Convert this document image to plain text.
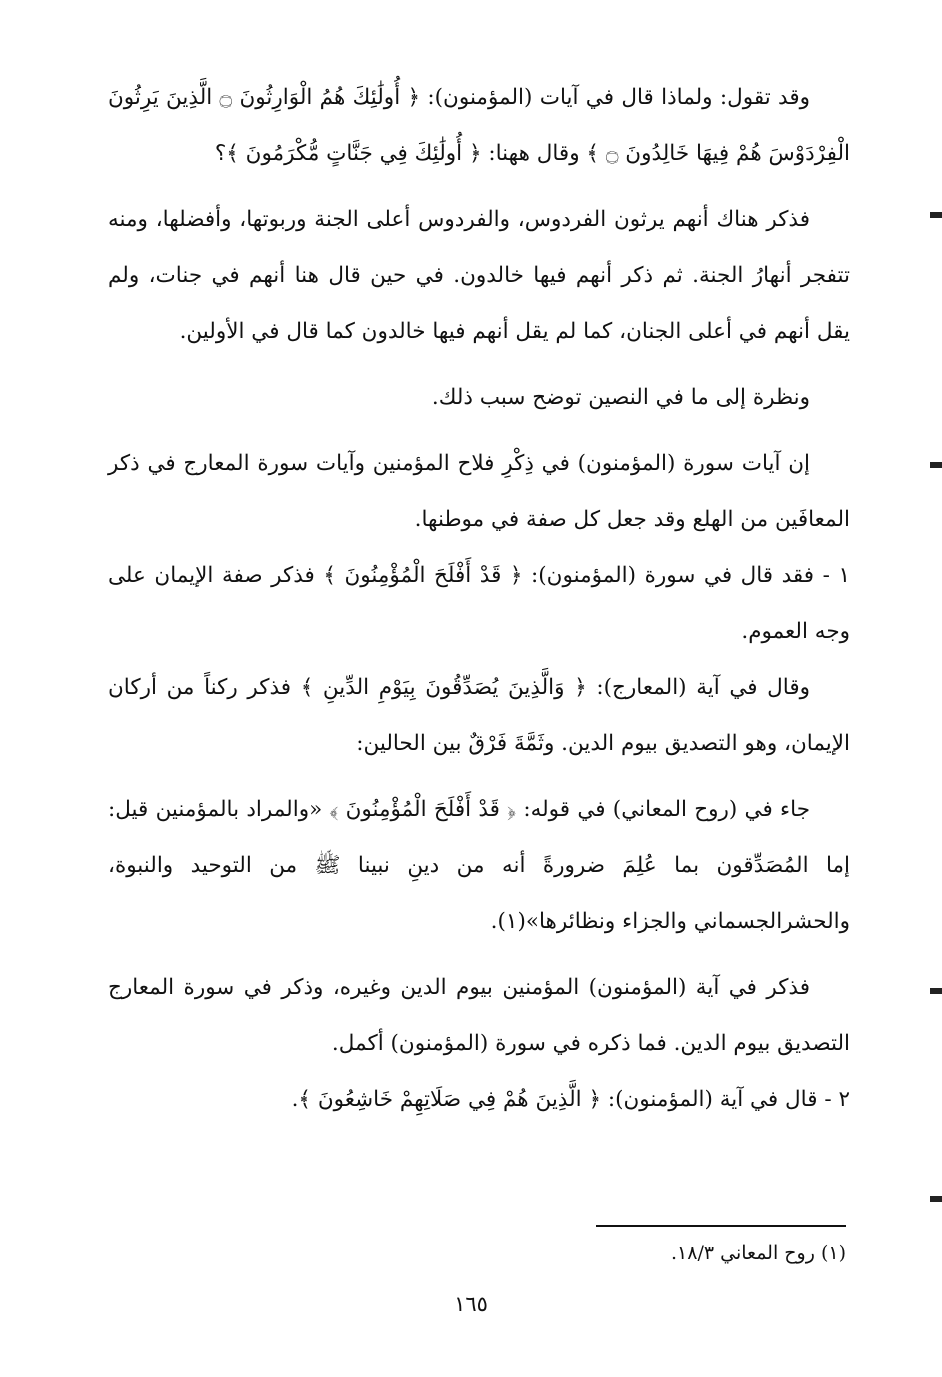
وقد تقول: ولماذا قال في آيات (المؤمنون): ﴿ أُولَٰئِكَ هُمُ الْوَارِثُونَ ۝ الَّذِينَ يَرِثُونَ الْفِرْدَوْسَ هُمْ فِيهَا خَالِدُونَ ۝ ﴾ وقال ههنا: ﴿ أُولَٰئِكَ فِي جَنَّاتٍ مُّكْرَمُونَ ﴾؟

فذكر هناك أنهم يرثون الفردوس، والفردوس أعلى الجنة وربوتها، وأفضلها، ومنه تتفجر أنهارُ الجنة. ثم ذكر أنهم فيها خالدون. في حين قال هنا أنهم في جنات، ولم يقل أنهم في أعلى الجنان، كما لم يقل أنهم فيها خالدون كما قال في الأولين.

ونظرة إلى ما في النصين توضح سبب ذلك.

إن آيات سورة (المؤمنون) في ذِكْرِ فلاح المؤمنين وآيات سورة المعارج في ذكر المعافَين من الهلع وقد جعل كل صفة في موطنها.

١ - فقد قال في سورة (المؤمنون): ﴿ قَدْ أَفْلَحَ الْمُؤْمِنُونَ ﴾ فذكر صفة الإيمان على وجه العموم.

وقال في آية (المعارج): ﴿ وَالَّذِينَ يُصَدِّقُونَ بِيَوْمِ الدِّينِ ﴾ فذكر ركناً من أركان الإيمان، وهو التصديق بيوم الدين. وثَمَّةَ فَرْقٌ بين الحالين:

جاء في (روح المعاني) في قوله: ﴿ قَدْ أَفْلَحَ الْمُؤْمِنُونَ ﴾ «والمراد بالمؤمنين قيل: إما المُصَدِّقون بما عُلِمَ ضرورةً أنه من دينِ نبينا ﷺ من التوحيد والنبوة، والحشرالجسماني والجزاء ونظائرها»(١).

فذكر في آية (المؤمنون) المؤمنين بيوم الدين وغيره، وذكر في سورة المعارج التصديق بيوم الدين. فما ذكره في سورة (المؤمنون) أكمل.

٢ - قال في آية (المؤمنون): ﴿ الَّذِينَ هُمْ فِي صَلَاتِهِمْ خَاشِعُونَ ﴾.

(١) روح المعاني ١٨/٣.
١٦٥
